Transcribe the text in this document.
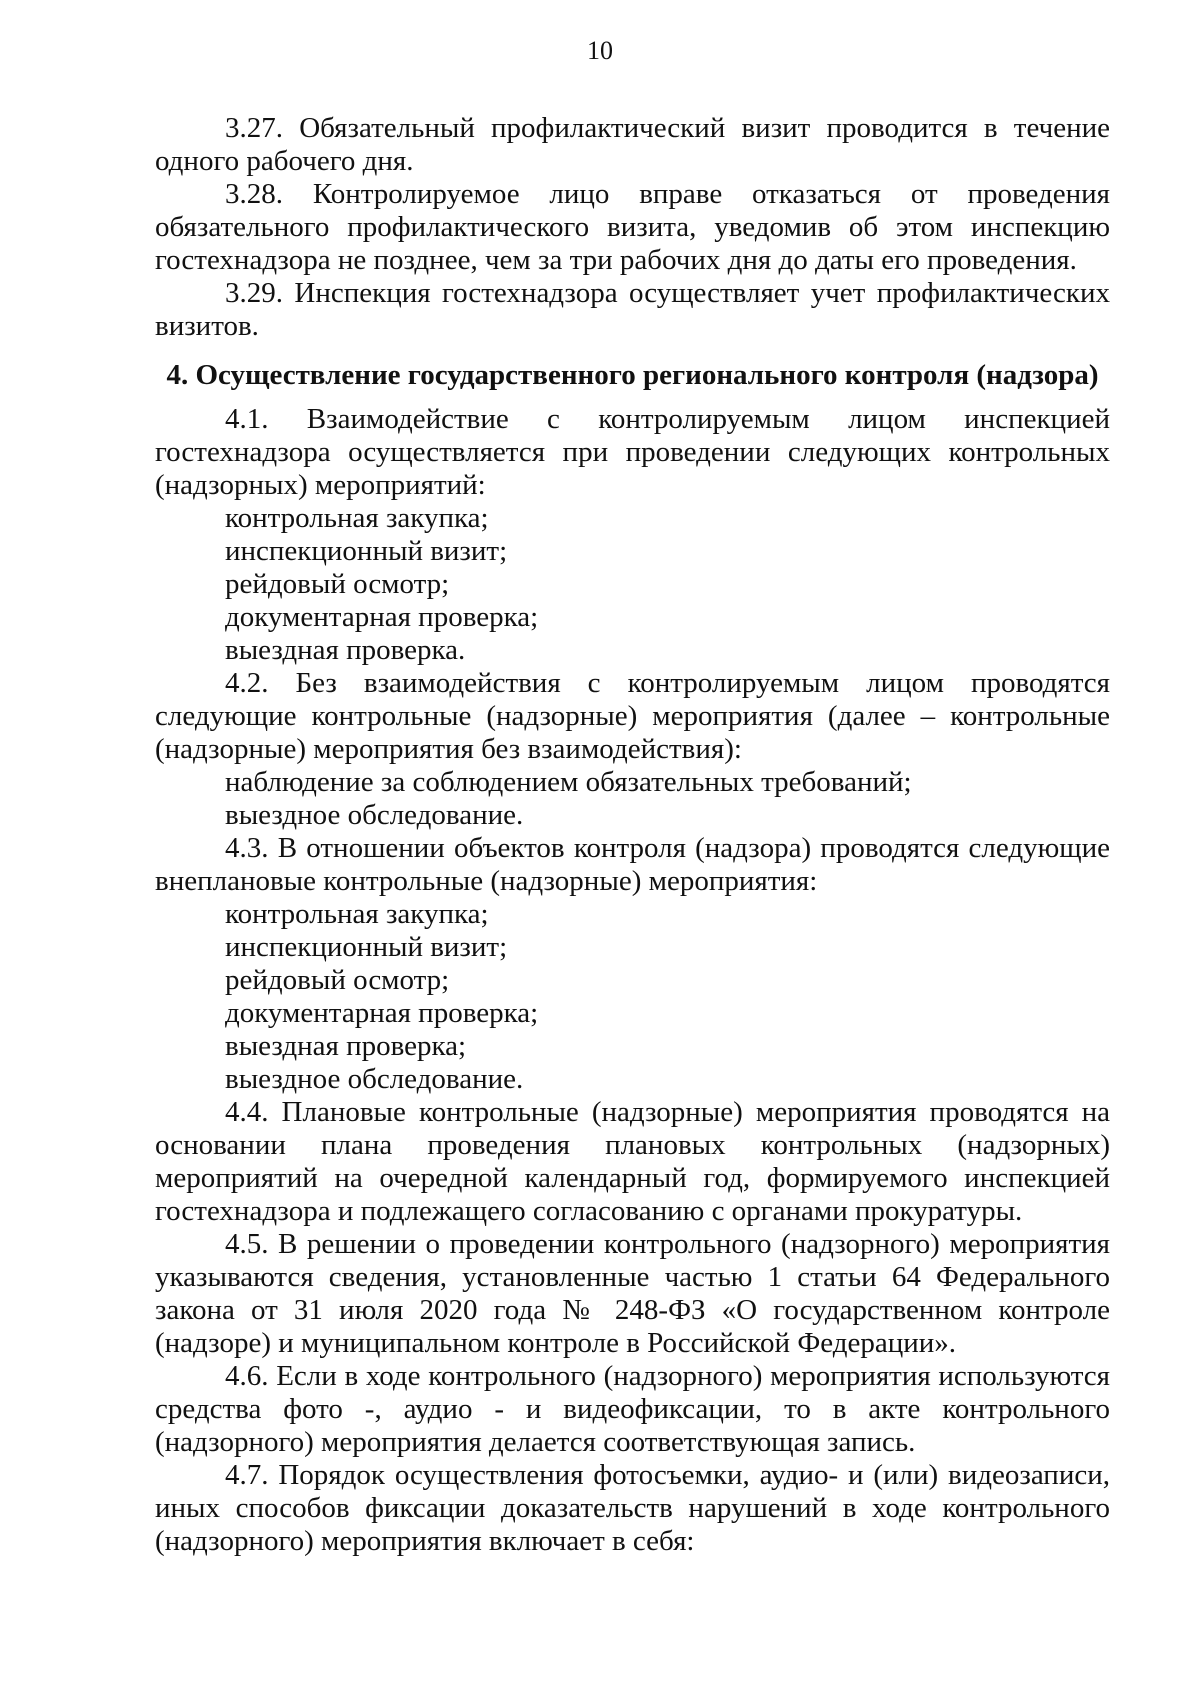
10

3.27. Обязательный профилактический визит проводится в течение одного рабочего дня.

3.28. Контролируемое лицо вправе отказаться от проведения обязательного профилактического визита, уведомив об этом инспекцию гостехнадзора не позднее, чем за три рабочих дня до даты его проведения.

3.29. Инспекция гостехнадзора осуществляет учет профилактических визитов.

4. Осуществление государственного регионального контроля (надзора)

4.1. Взаимодействие с контролируемым лицом инспекцией гостехнадзора осуществляется при проведении следующих контрольных (надзорных) мероприятий:

контрольная закупка;

инспекционный визит;

рейдовый осмотр;

документарная проверка;

выездная проверка.

4.2. Без взаимодействия с контролируемым лицом проводятся следующие контрольные (надзорные) мероприятия (далее – контрольные (надзорные) мероприятия без взаимодействия):

наблюдение за соблюдением обязательных требований;

выездное обследование.

4.3. В отношении объектов контроля (надзора) проводятся следующие внеплановые контрольные (надзорные) мероприятия:

контрольная закупка;

инспекционный визит;

рейдовый осмотр;

документарная проверка;

выездная проверка;

выездное обследование.

4.4. Плановые контрольные (надзорные) мероприятия проводятся на основании плана проведения плановых контрольных (надзорных) мероприятий на очередной календарный год, формируемого инспекцией гостехнадзора и подлежащего согласованию с органами прокуратуры.

4.5. В решении о проведении контрольного (надзорного) мероприятия указываются сведения, установленные частью 1 статьи 64 Федерального закона от 31 июля 2020 года № 248-ФЗ «О государственном контроле (надзоре) и муниципальном контроле в Российской Федерации».

4.6. Если в ходе контрольного (надзорного) мероприятия используются средства фото -, аудио - и видеофиксации, то в акте контрольного (надзорного) мероприятия делается соответствующая запись.

4.7. Порядок осуществления фотосъемки, аудио- и (или) видеозаписи, иных способов фиксации доказательств нарушений в ходе контрольного (надзорного) мероприятия включает в себя:
